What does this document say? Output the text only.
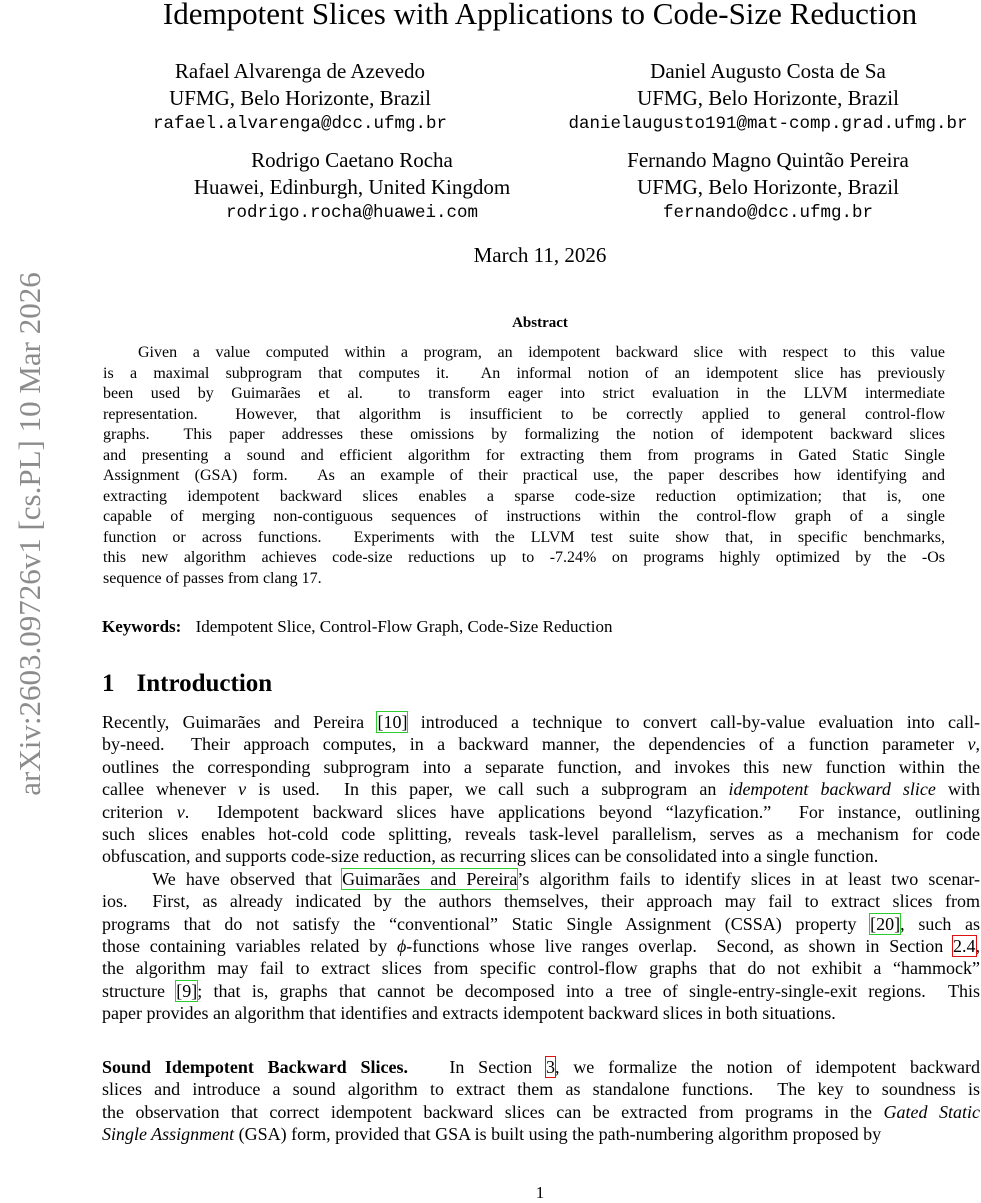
Idempotent Slices with Applications to Code-Size Reduction
Rafael Alvarenga de Azevedo
UFMG, Belo Horizonte, Brazil
rafael.alvarenga@dcc.ufmg.br
Daniel Augusto Costa de Sa
UFMG, Belo Horizonte, Brazil
danielaugusto191@mat-comp.grad.ufmg.br
Rodrigo Caetano Rocha
Huawei, Edinburgh, United Kingdom
rodrigo.rocha@huawei.com
Fernando Magno Quintão Pereira
UFMG, Belo Horizonte, Brazil
fernando@dcc.ufmg.br
March 11, 2026
Abstract
Given a value computed within a program, an idempotent backward slice with respect to this value
is a maximal subprogram that computes it.  An informal notion of an idempotent slice has previously
been used by Guimarães et al.  to transform eager into strict evaluation in the LLVM intermediate
representation.  However, that algorithm is insufficient to be correctly applied to general control-flow
graphs.  This paper addresses these omissions by formalizing the notion of idempotent backward slices
and presenting a sound and efficient algorithm for extracting them from programs in Gated Static Single
Assignment (GSA) form.  As an example of their practical use, the paper describes how identifying and
extracting idempotent backward slices enables a sparse code-size reduction optimization; that is, one
capable of merging non-contiguous sequences of instructions within the control-flow graph of a single
function or across functions.  Experiments with the LLVM test suite show that, in specific benchmarks,
this new algorithm achieves code-size reductions up to -7.24% on programs highly optimized by the -Os
sequence of passes from clang 17.
Keywords: Idempotent Slice, Control-Flow Graph, Code-Size Reduction
1 Introduction
Recently, Guimarães and Pereira [10] introduced a technique to convert call-by-value evaluation into call-
by-need.  Their approach computes, in a backward manner, the dependencies of a function parameter v,
outlines the corresponding subprogram into a separate function, and invokes this new function within the
callee whenever v is used.  In this paper, we call such a subprogram an idempotent backward slice with
criterion v.  Idempotent backward slices have applications beyond “lazyfication.”  For instance, outlining
such slices enables hot-cold code splitting, reveals task-level parallelism, serves as a mechanism for code
obfuscation, and supports code-size reduction, as recurring slices can be consolidated into a single function.
We have observed that Guimarães and Pereira’s algorithm fails to identify slices in at least two scenar-
ios.  First, as already indicated by the authors themselves, their approach may fail to extract slices from
programs that do not satisfy the “conventional” Static Single Assignment (CSSA) property [20], such as
those containing variables related by ϕ-functions whose live ranges overlap.  Second, as shown in Section 2.4,
the algorithm may fail to extract slices from specific control-flow graphs that do not exhibit a “hammock”
structure [9]; that is, graphs that cannot be decomposed into a tree of single-entry-single-exit regions.  This
paper provides an algorithm that identifies and extracts idempotent backward slices in both situations.
Sound Idempotent Backward Slices.   In Section 3, we formalize the notion of idempotent backward
slices and introduce a sound algorithm to extract them as standalone functions.  The key to soundness is
the observation that correct idempotent backward slices can be extracted from programs in the Gated Static
Single Assignment (GSA) form, provided that GSA is built using the path-numbering algorithm proposed by
1
arXiv:2603.09726v1 [cs.PL] 10 Mar 2026
